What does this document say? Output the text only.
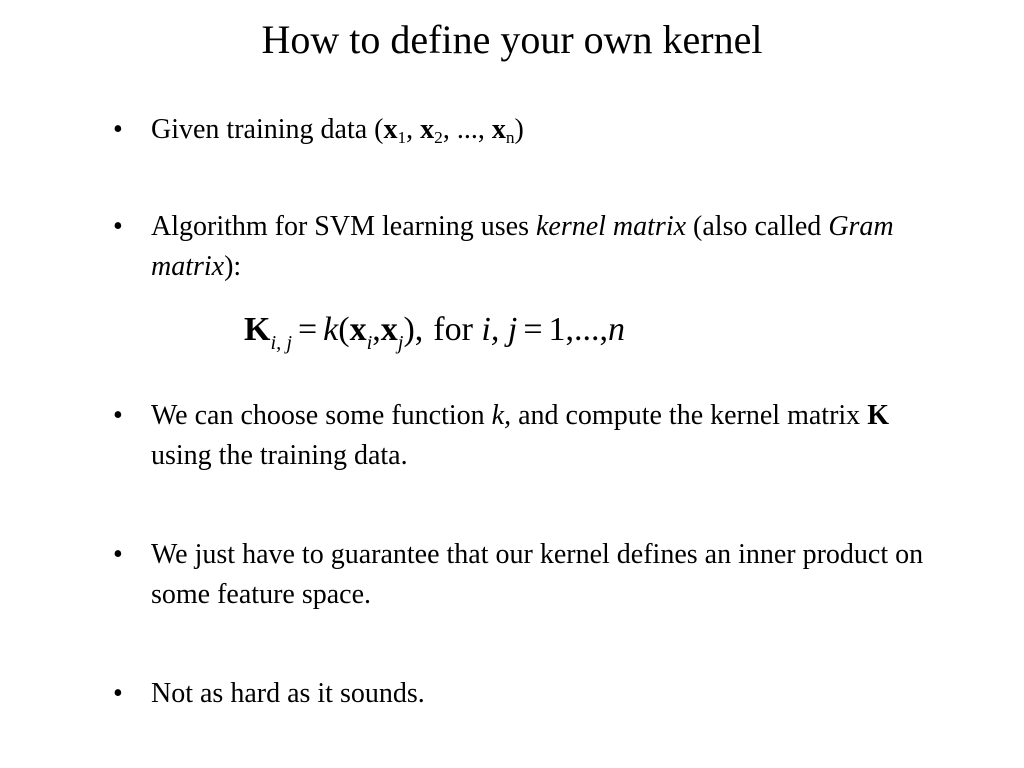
How to define your own kernel
• Given training data ($x_1$, $x_2$, ..., $x_n$)
• Algorithm for SVM learning uses kernel matrix (also called Gram matrix):
$K_{i, j} = k(x_i,x_j)$, for i, j = 1,...,n
• We can choose some function k, and compute the kernel matrix K using the training data.
• We just have to guarantee that our kernel defines an inner product on some feature space.
• Not as hard as it sounds.
